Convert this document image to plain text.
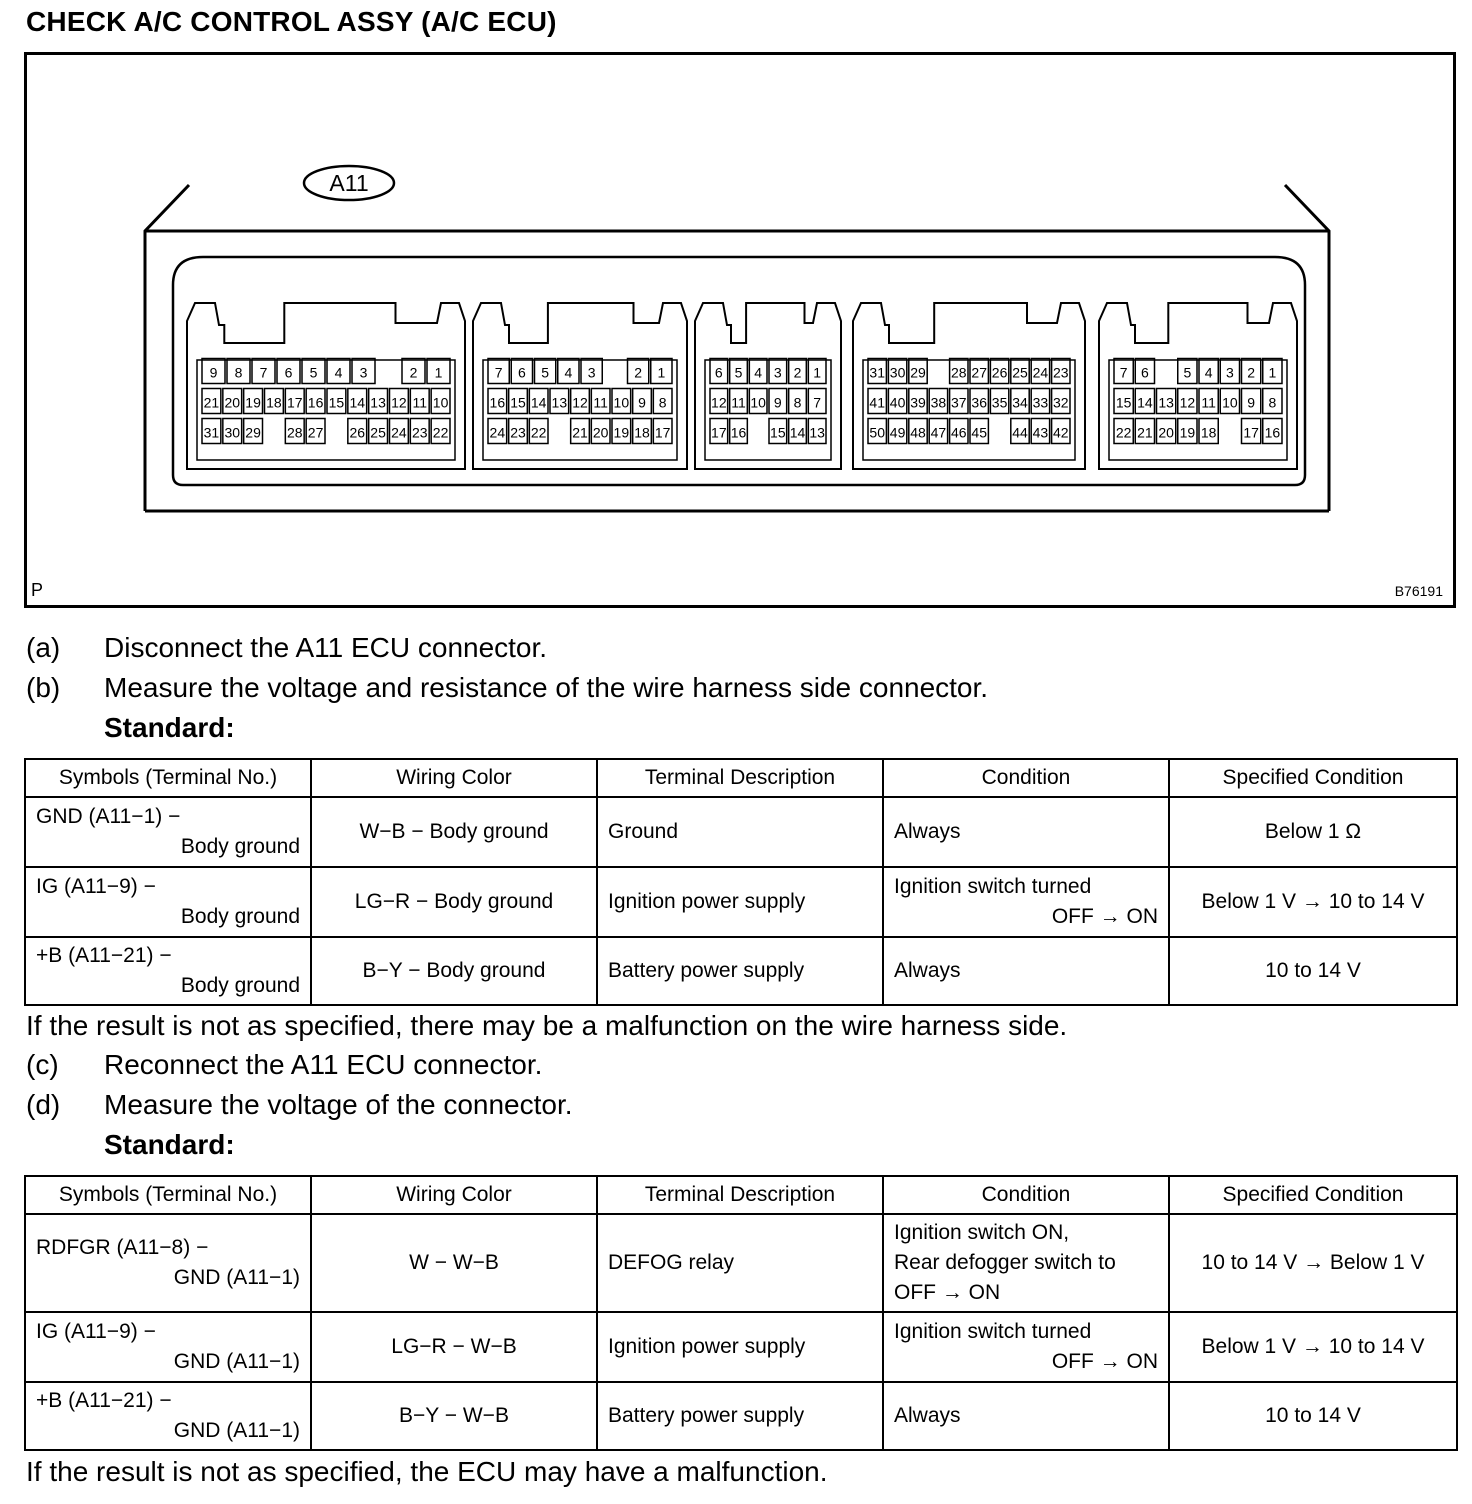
CHECK A/C CONTROL ASSY (A/C ECU)
A11
9 8 7 6 5 4 3	2 1
21 20 19 18 17 16 15 14 13 12 11 10
31 30 29 28 27 26 25 24 23 22
7 6 5 4 3	2 1
16 15 14 13 12 11 10 9 8
24 23 22 21 20 19 18 17
6 5 4 3 2 1
12 11 10 9 8 7
17 16 15 14 13
31 30 29 28 27 26 25 24 23
41 40 39 38 37 36 35 34 33 32
50 49 48 47 46 45 44 43 42
7 6 5 4 3 2 1
15 14 13 12 11 10 9 8
22 21 20 19 18 17 16
P	B76191
(a) Disconnect the A11 ECU connector.
(b) Measure the voltage and resistance of the wire harness side connector.
Standard:
Symbols (Terminal No.)	Wiring Color	Terminal Description	Condition	Specified Condition

GND (A11−1) −
Body ground	W−B − Body ground	Ground	Always	Below 1 Ω

IG (A11−9) −
Body ground	LG−R − Body ground	Ignition power supply	Ignition switch turned
OFF → ON	Below 1 V → 10 to 14 V

+B (A11−21) −
Body ground	B−Y − Body ground	Battery power supply	Always	10 to 14 V
If the result is not as specified, there may be a malfunction on the wire harness side.
(c) Reconnect the A11 ECU connector.
(d) Measure the voltage of the connector.
Standard:
Symbols (Terminal No.)	Wiring Color	Terminal Description	Condition	Specified Condition

RDFGR (A11−8) −
GND (A11−1)	W − W−B	DEFOG relay	Ignition switch ON,
Rear defogger switch to
OFF → ON	10 to 14 V → Below 1 V

IG (A11−9) −
GND (A11−1)	LG−R − W−B	Ignition power supply	Ignition switch turned
OFF → ON	Below 1 V → 10 to 14 V

+B (A11−21) −
GND (A11−1)	B−Y − W−B	Battery power supply	Always	10 to 14 V
If the result is not as specified, the ECU may have a malfunction.
